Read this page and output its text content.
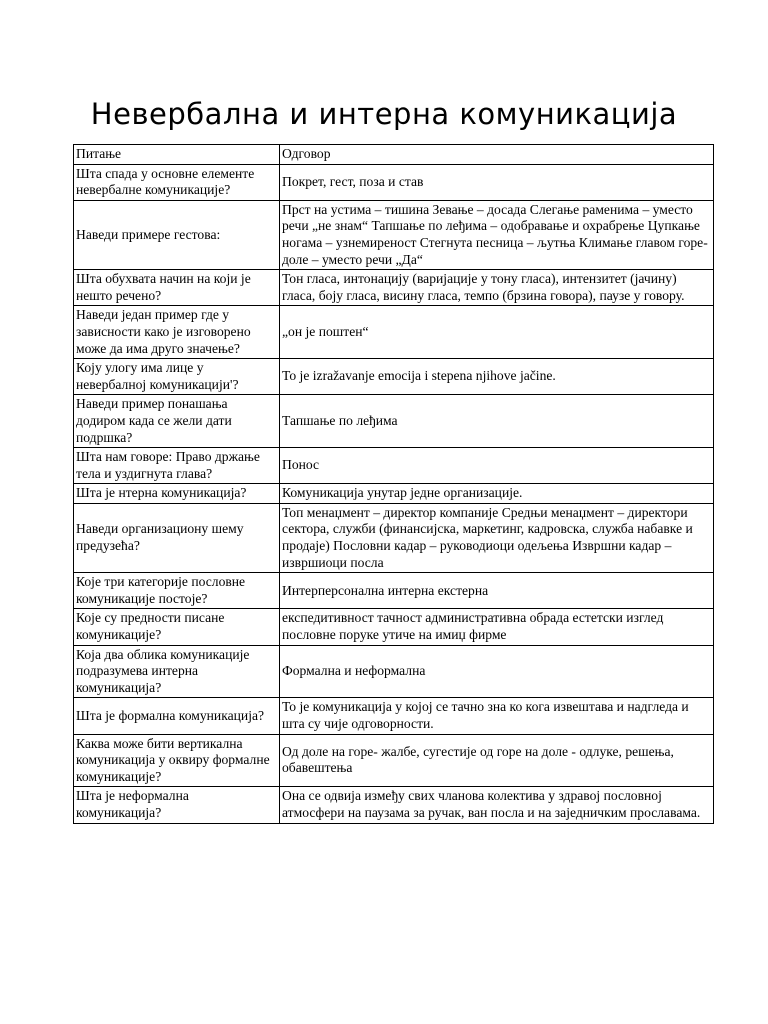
Невербална и интерна комуникација
Питање	Одговор
Шта спада у основне елементе невербалне комуникације?	Покрет, гест, поза и став
Наведи примере гестова:	Прст на устима – тишина Зевање – досада Слегање раменима – уместо речи „не знам“ Тапшање по леђима – одобравање и охрабрење Цупкање ногама – узнемиреност Стегнута песница – љутња Климање главом горе-доле – уместо речи „Да“
Шта обухвата начин на који је нешто речено?	Тон гласа, интонацију (варијације у тону гласа), интензитет (јачину) гласа, боју гласа, висину гласа, темпо (брзина говора), паузе у говору.
Наведи један пример где у зависности како је изговорено може да има друго значење?	„он је поштен“
Коју улогу има лице у невербалној комуникацији'?	To je izražavanje emocija i stepena njihove jačine.
Наведи пример понашања додиром када се жели дати подршка?	Тапшање по леђима
Шта нам говоре: Право држање тела и уздигнута глава?	Понос
Шта је нтерна комуникација?	Комуникација унутар једне организације.
Наведи организациону шему предузећа?	Топ менаџмент – директор компаније Средњи менаџмент – директори сектора, служби (финансијска, маркетинг, кадровска, служба набавке и продаје) Пословни кадар – руководиоци одељења Извршни кадар – извршиоци посла
Које три категорије пословне комуникације постоје?	Интерперсонална интерна екстерна
Које су предности писане комуникације?	експедитивност тачност административна обрада естетски изглед пословне поруке утиче на имиџ фирме
Која два облика комуникације подразумева интерна комуникација?	Формална и неформална
Шта је формална комуникација?	То је комуникација у којој се тачно зна ко кога извештава и надгледа и шта су чије одговорности.
Каква може бити вертикална комуникација у оквиру формалне комуникације?	Од доле на горе- жалбе, сугестије од горе на доле - одлуке, решења, обавештења
Шта је неформална комуникација?	Она се одвија између свих чланова колектива у здравој пословној атмосфери на паузама за ручак, ван посла и на заједничким прославама.
